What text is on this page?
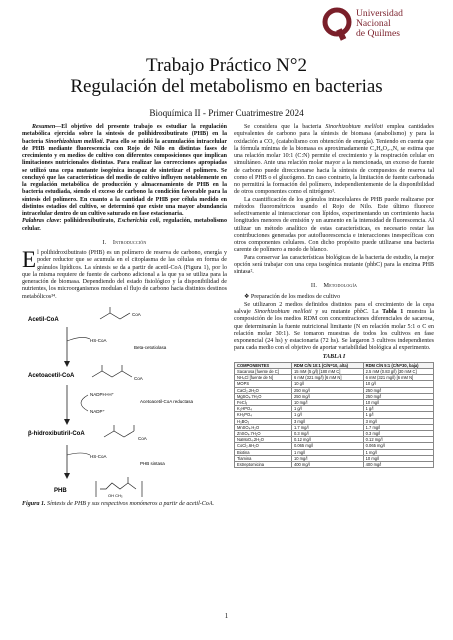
Universidad
Nacional
de Quilmes
Trabajo Práctico N°2
Regulación del metabolismo en bacterias
Bioquímica II - Primer Cuatrimestre 2024

Resumen—El objetivo del presente trabajo es estudiar la regulación metabólica ejercida sobre la síntesis de polihidroxibutirato (PHB) en la bacteria Sinorhizobium meliloti. Para ello se midió la acumulación intracelular de PHB mediante fluorescencia con Rojo de Nilo en distintas fases de crecimiento y en medios de cultivo con diferentes composiciones que implican limitaciones nutricionales distintas. Para realizar las correcciones apropiadas se utilizó una cepa mutante isogénica incapaz de sintetizar el polímero. Se concluyó que las características del medio de cultivo influyen notablemente en la regulación metabólica de producción y almacenamiento de PHB en la bacteria estudiada, siendo el exceso de carbono la condición favorable para la síntesis del polímero. En cuanto a la cantidad de PHB por célula medido en distintos estadíos del cultivo, se determinó que existe una mayor abundancia intracelular dentro de un cultivo saturado en fase estacionaria.

Palabras clave: polihidroxibutirato, Escherichia coli, regulación, metabolismo celular.

I. Introducción

El polihidroxibutirato (PHB) es un polímero de reserva de carbono, energía y poder reductor que se acumula en el citoplasma de las células en forma de gránulos lipídicos. La síntesis se da a partir de acetil-CoA (Figura 1), por lo que la misma requiere de fuente de carbono adicional a la que ya se utiliza para la generación de biomasa. Dependiendo del estado fisiológico y la disponibilidad de nutrientes, los microorganismos modulan el flujo de carbono hacia distintos destinos metabólicos³⁴.

Acetil-CoA
CoA
HS-CoA
Beta-cetotiolasa
Acetoacetil-CoA	CoA
NADPH+H⁺
NADP⁺
Acetoacetil-CoA reductasa
β-hidroxibutiril-CoA
CoA
HS-CoA
PHB sintasa
PHB
OH CH₃

Figura 1. Síntesis de PHB y sus respectivos monómeros a partir de acetil-CoA.

Se considera que la bacteria Sinorhizobium meliloti emplea cantidades equivalentes de carbono para la síntesis de biomasa (anabolismo) y para la oxidación a CO₂ (catabolismo con obtención de energía). Teniendo en cuenta que la fórmula mínima de la biomasa es aproximadamente C₄H₈O₂.₅N, se estima que una relación molar 10:1 (C:N) permite el crecimiento y la respiración celular en simultáneo. Ante una relación molar mayor a la mencionada, un exceso de fuente de carbono puede direccionarse hacia la síntesis de compuestos de reserva tal como el PHB o el glucógeno. En caso contrario, la limitación de fuente carbonada no permitirá la formación del polímero, independientemente de la disponibilidad de otros componentes como el nitrógeno¹.

La cuantificación de los gránulos intracelulares de PHB puede realizarse por métodos fluorométricos usando el Rojo de Nilo. Este último fluorece selectivamente al interaccionar con lípidos, experimentando un corrimiento hacia longitudes menores de emisión y un aumento en la intensidad de fluorescencia. Al utilizar un método analítico de estas características, es necesario restar las contribuciones generadas por autofluorescencia e interacciones inespecíficas con otros componentes celulares. Con dicho propósito puede utilizarse una bacteria carente de polímero a modo de blanco.

Para conservar las características biológicas de la bacteria de estudio, la mejor opción será trabajar con una cepa isogénica mutante (phbC) para la enzima PHB sintasa².

II. Metodología

❖ Preparación de los medios de cultivo

Se utilizaron 2 medios definidos distintos para el crecimiento de la cepa salvaje Sinorhizobium meliloti y su mutante phbC. La Tabla 1 muestra la composición de los medios RDM con concentraciones diferenciales de sacarosa, que determinarán la fuente nutricional limitante (N en relación molar 5:1 o C en relación molar 30:1). Se tomaron muestras de todos los cultivos en fase exponencial (24 hs) y estacionaria (72 hs). Se largaron 3 cultivos independientes para cada medio con el objetivo de aportar variabilidad biológica al experimento.

TABLA I
COMPONENTES	RDM C/N 10:1 (C/N=10, alta)	RDM C/N 5:1 (C/N=30, baja)
Sacarosa [fuente de C]	15 mM (5 g/l) [180 mM C]	2.5 mM (0.83 g/l) [30 mM C]
NH₄Cl [fuente de N]	6 mM (321 mg/l) [6 mM N]	6 mM (321 mg/l) [6 mM N]
MOPS	10 g/l	10 g/l
CaCl₂.2H₂O	250 mg/l	250 mg/l
MgSO₄.7H₂O	250 mg/l	250 mg/l
FeCl₃	10 mg/l	10 mg/l
K₂HPO₄	1 g/l	1 g/l
KH₂PO₄	1 g/l	1 g/l
H₃BO₃	3 mg/l	3 mg/l
MnSO₄.H₂O	1.7 mg/l	1.7 mg/l
ZnSO₄.7H₂O	0.3 mg/l	0.3 mg/l
NaMoO₄.2H₂O	0.12 mg/l	0.12 mg/l
CoCl₂.6H₂O	0.065 mg/l	0.065 mg/l
Biotina	1 mg/l	1 mg/l
Tiamina	10 mg/l	10 mg/l
Estreptomicina	400 mg/l	400 mg/l
1
